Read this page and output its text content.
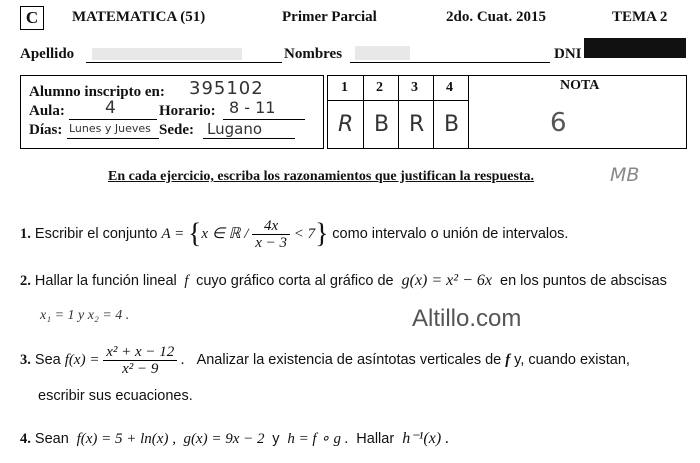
C	MATEMATICA (51)	Primer Parcial	2do. Cuat. 2015	TEMA 2
Apellido	Nombres	DNI
Alumno inscripto en: 395102
Aula: 4	Horario: 8 - 11
Días: Lunes y Jueves Sede: Lugano
1 2 3 4	NOTA
R B R B	6
En cada ejercicio, escriba los razonamientos que justifican la respuesta.	MB
1. Escribir el conjunto A = {x ∈ ℝ / $\frac{4x}{x - 3} < 7$} como intervalo o unión de intervalos.
2. Hallar la función lineal  f  cuyo gráfico corta al gráfico de  g(x) = x² − 6x  en los puntos de abscisas
x₁ = 1 y x₂ = 4 .	Altillo.com
3. Sea $f(x) = \frac{\text{x² + x − 12}}{\text{x² − 9}}$ .   Analizar la existencia de asíntotas verticales de f y, cuando existan,
escribir sus ecuaciones.
4. Sean  f(x) = 5 + ln(x) ,  g(x) = 9x − 2  y  h = f ∘ g .  Hallar  h⁻¹(x) .
